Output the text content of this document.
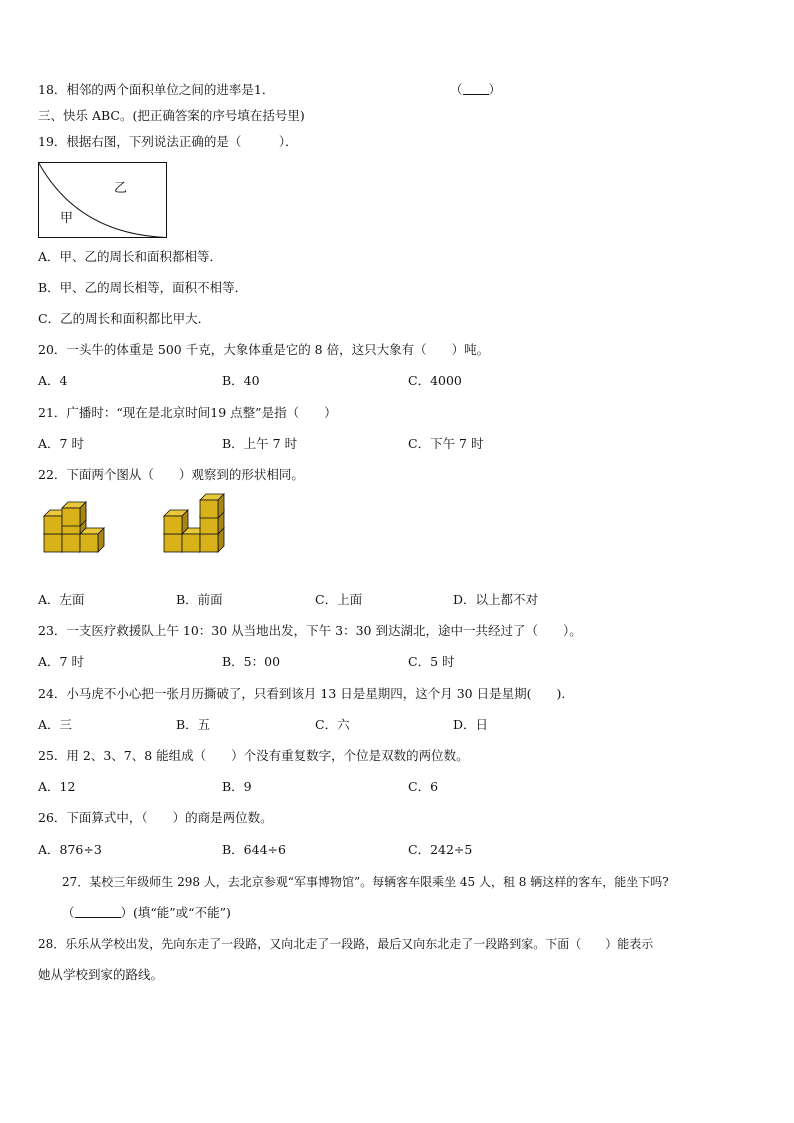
18．相邻的两个面积单位之间的进率是1．	（ ）
三、快乐 ABC。(把正确答案的序号填在括号里)
19．根据右图，下列说法正确的是（　　　）．
乙
甲
A．甲、乙的周长和面积都相等．
B．甲、乙的周长相等，面积不相等．
C．乙的周长和面积都比甲大．
20．一头牛的体重是 500 千克，大象体重是它的 8 倍，这只大象有（　　）吨。
A．4	B．40	C．4000
21．广播时：“现在是北京时间19 点整”是指（　　）
A．7 时	B．上午 7 时	C．下午 7 时
22．下面两个图从（　　）观察到的形状相同。
A．左面	B．前面	C．上面	D．以上都不对
23．一支医疗救援队上午 10：30 从当地出发，下午 3：30 到达湖北，途中一共经过了（　　）。
A．7 时	B．5：00	C．5 时
24．小马虎不小心把一张月历撕破了，只看到该月 13 日是星期四，这个月 30 日是星期(　　)．
A．三	B．五	C．六	D．日
25．用 2、3、7、8 能组成（　　）个没有重复数字，个位是双数的两位数。
A．12	B．9	C．6
26．下面算式中，（　　）的商是两位数。
A．876÷3	B．644÷6	C．242÷5
27．某校三年级师生 298 人，去北京参观“军事博物馆”。每辆客车限乘坐 45 人，租 8 辆这样的客车，能坐下吗?
（	）(填“能”或“不能”)
28．乐乐从学校出发，先向东走了一段路，又向北走了一段路，最后又向东北走了一段路到家。下面（　　）能表示
她从学校到家的路线。
